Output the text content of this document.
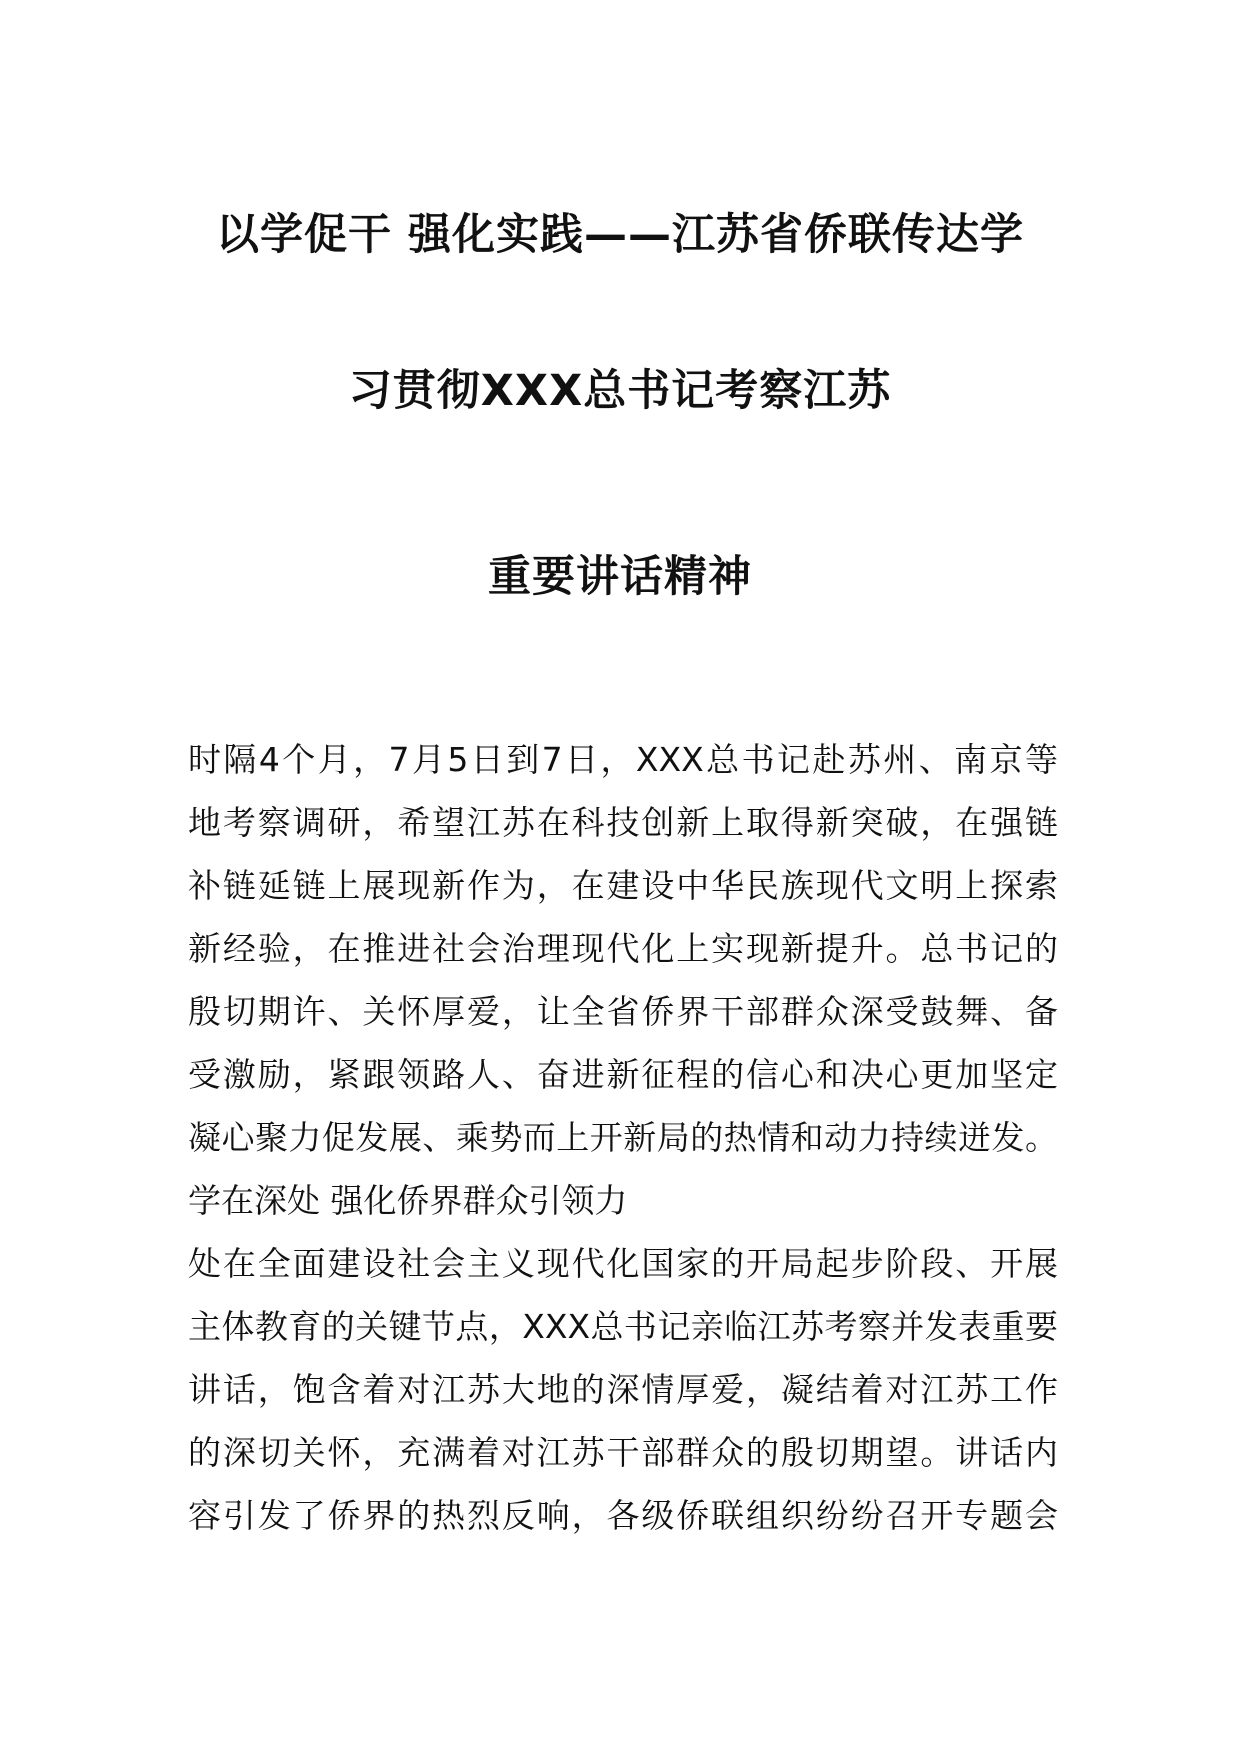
以学促干 强化实践——江苏省侨联传达学
习贯彻XXX总书记考察江苏
重要讲话精神
时隔4个月，7月5日到7日，XXX总书记赴苏州、南京等
地考察调研，希望江苏在科技创新上取得新突破，在强链
补链延链上展现新作为，在建设中华民族现代文明上探索
新经验，在推进社会治理现代化上实现新提升。总书记的
殷切期许、关怀厚爱，让全省侨界干部群众深受鼓舞、备
受激励，紧跟领路人、奋进新征程的信心和决心更加坚定
凝心聚力促发展、乘势而上开新局的热情和动力持续迸发。
学在深处 强化侨界群众引领力
处在全面建设社会主义现代化国家的开局起步阶段、开展
主体教育的关键节点，XXX总书记亲临江苏考察并发表重要
讲话，饱含着对江苏大地的深情厚爱，凝结着对江苏工作
的深切关怀，充满着对江苏干部群众的殷切期望。讲话内
容引发了侨界的热烈反响，各级侨联组织纷纷召开专题会
